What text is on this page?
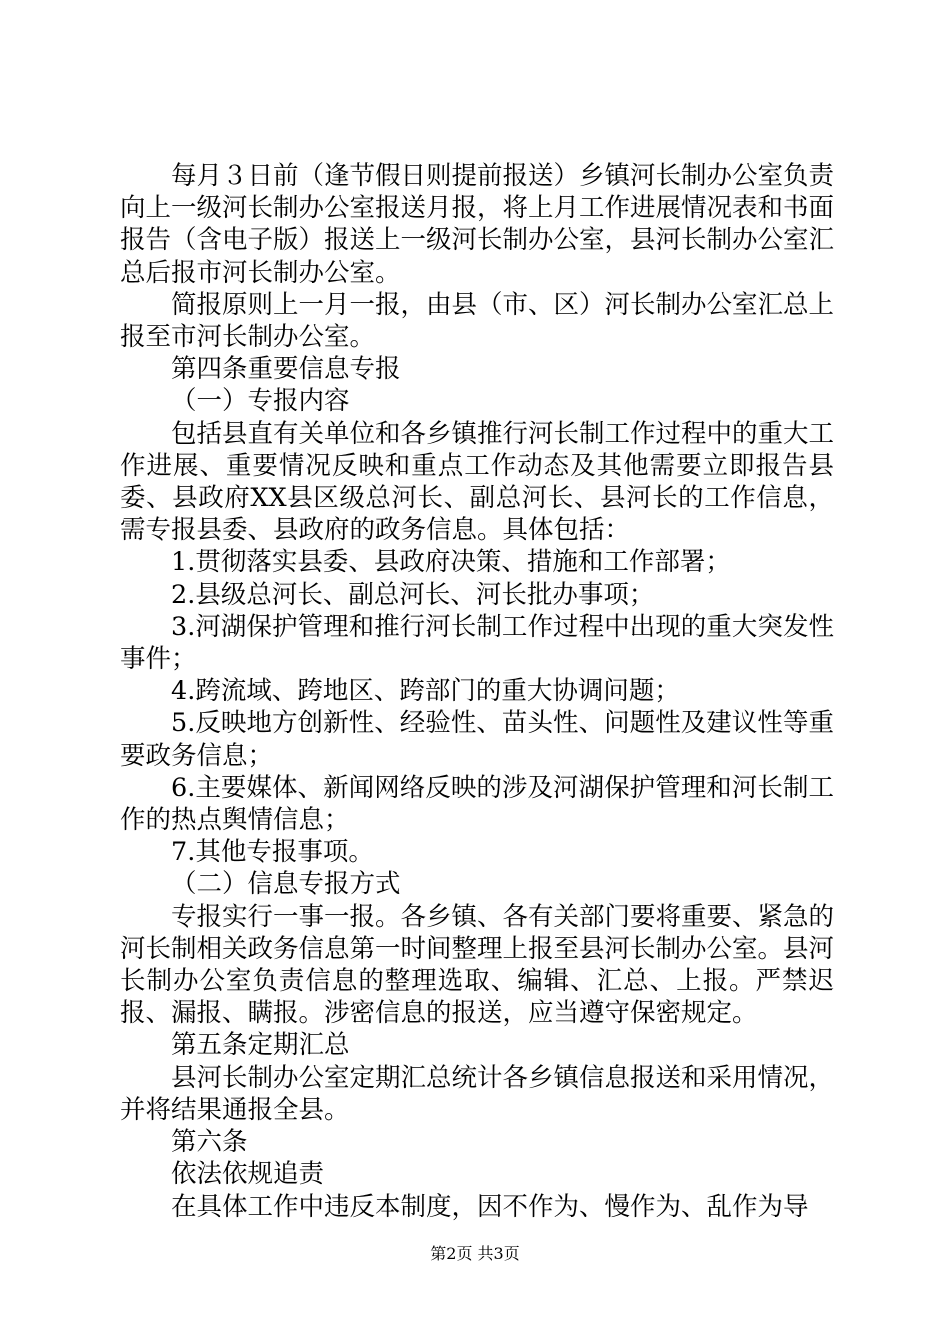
每月３日前（逢节假日则提前报送）乡镇河长制办公室负责向上一级河长制办公室报送月报，将上月工作进展情况表和书面报告（含电子版）报送上一级河长制办公室，县河长制办公室汇总后报市河长制办公室。

简报原则上一月一报，由县（市、区）河长制办公室汇总上报至市河长制办公室。

第四条重要信息专报

（一）专报内容

包括县直有关单位和各乡镇推行河长制工作过程中的重大工作进展、重要情况反映和重点工作动态及其他需要立即报告县委、县政府XX县区级总河长、副总河长、县河长的工作信息，需专报县委、县政府的政务信息。具体包括：

1.贯彻落实县委、县政府决策、措施和工作部署；

2.县级总河长、副总河长、河长批办事项；

3.河湖保护管理和推行河长制工作过程中出现的重大突发性事件；

4.跨流域、跨地区、跨部门的重大协调问题；

5.反映地方创新性、经验性、苗头性、问题性及建议性等重要政务信息；

6.主要媒体、新闻网络反映的涉及河湖保护管理和河长制工作的热点舆情信息；

7.其他专报事项。

（二）信息专报方式

专报实行一事一报。各乡镇、各有关部门要将重要、紧急的河长制相关政务信息第一时间整理上报至县河长制办公室。县河长制办公室负责信息的整理选取、编辑、汇总、上报。严禁迟报、漏报、瞒报。涉密信息的报送，应当遵守保密规定。

第五条定期汇总

县河长制办公室定期汇总统计各乡镇信息报送和采用情况，并将结果通报全县。

第六条

依法依规追责

在具体工作中违反本制度，因不作为、慢作为、乱作为导

第2页 共3页
